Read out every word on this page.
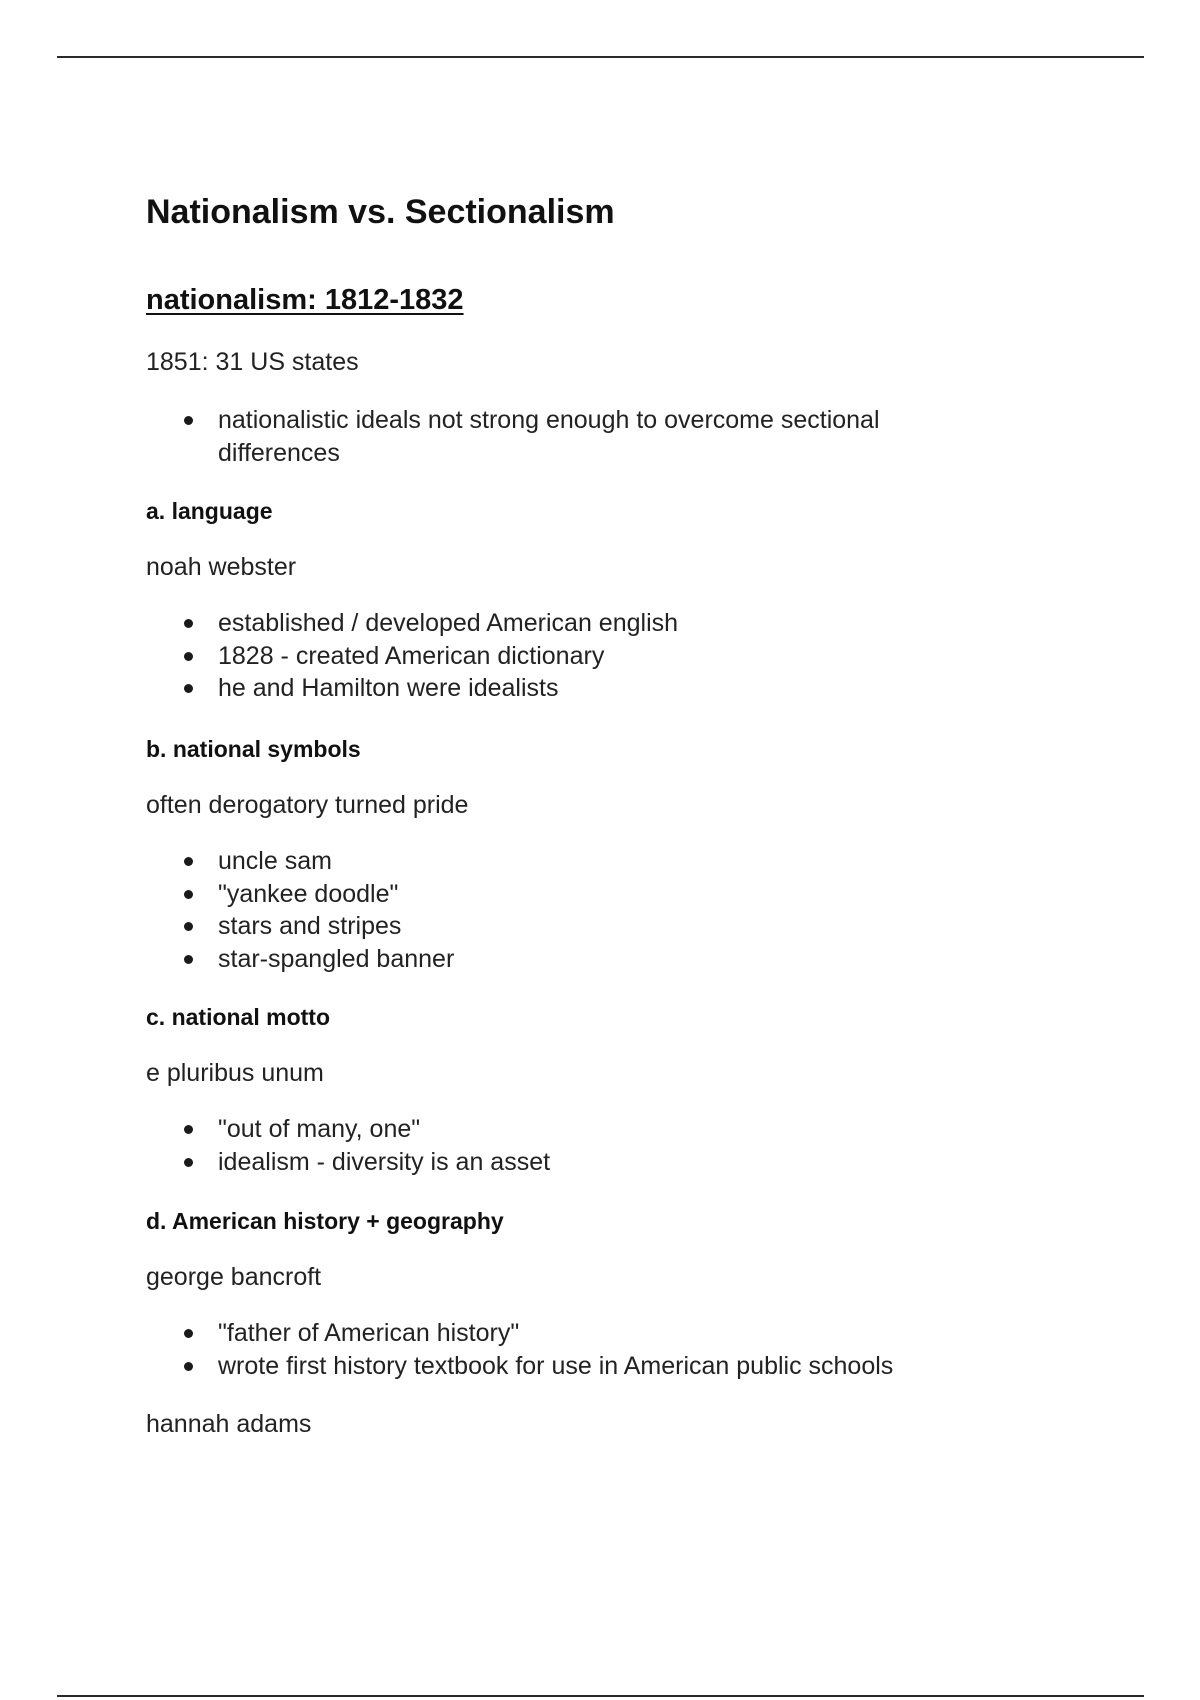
Nationalism vs. Sectionalism
nationalism: 1812-1832
1851: 31 US states
nationalistic ideals not strong enough to overcome sectional differences
a. language
noah webster
established / developed American english
1828 - created American dictionary
he and Hamilton were idealists
b. national symbols
often derogatory turned pride
uncle sam
"yankee doodle"
stars and stripes
star-spangled banner
c. national motto
e pluribus unum
"out of many, one"
idealism - diversity is an asset
d. American history + geography
george bancroft
"father of American history"
wrote first history textbook for use in American public schools
hannah adams
